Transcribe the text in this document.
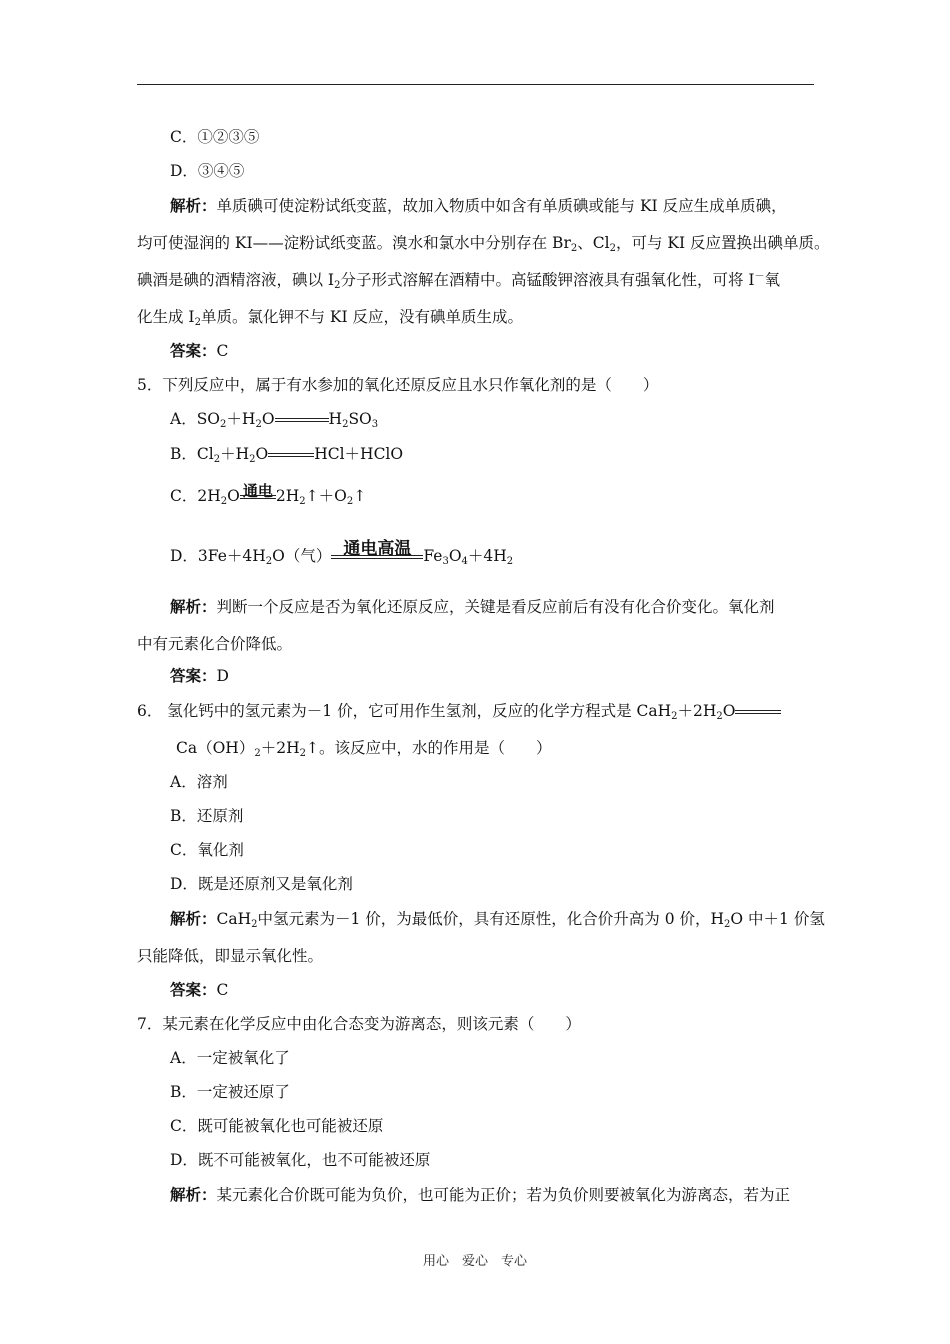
C．①②③⑤
D．③④⑤
解析：单质碘可使淀粉试纸变蓝，故加入物质中如含有单质碘或能与 KI 反应生成单质碘，
均可使湿润的 KI——淀粉试纸变蓝。溴水和氯水中分别存在 $Br_2$、$Cl_2$，可与 KI 反应置换出碘单质。
碘酒是碘的酒精溶液，碘以 $I_2$分子形式溶解在酒精中。高锰酸钾溶液具有强氧化性，可将 I－氧
化生成 $I_2$单质。氯化钾不与 KI 反应，没有碘单质生成。
答案：C
5．下列反应中，属于有水参加的氧化还原反应且水只作氧化剂的是（　　）
A．$SO_2+H_2O$	$H_2SO_3$
B．$Cl_2+H_2O$	HCl＋HClO
C．$2H_2O$ 通电 $2H_2↑+O_2↑$
D．$3Fe+4H_2O$（气） 通电高温 $Fe_3O_4+4H_2$
解析：判断一个反应是否为氧化还原反应，关键是看反应前后有没有化合价变化。氧化剂
中有元素化合价降低。
答案：D
6． 氢化钙中的氢元素为－1 价，它可用作生氢剂，反应的化学方程式是 $CaH_2+2H_2O$
$Ca(OH)_2+2H_2↑$。该反应中，水的作用是（　　）
A．溶剂
B．还原剂
C．氧化剂
D．既是还原剂又是氧化剂
解析：CaH$_2$中氢元素为－1 价，为最低价，具有还原性，化合价升高为 0 价，$H_2O$ 中＋1 价氢
只能降低，即显示氧化性。
答案：C
7．某元素在化学反应中由化合态变为游离态，则该元素（　　）
A．一定被氧化了
B．一定被还原了
C．既可能被氧化也可能被还原
D．既不可能被氧化，也不可能被还原
解析：某元素化合价既可能为负价，也可能为正价；若为负价则要被氧化为游离态，若为正
用心　爱心　专心
